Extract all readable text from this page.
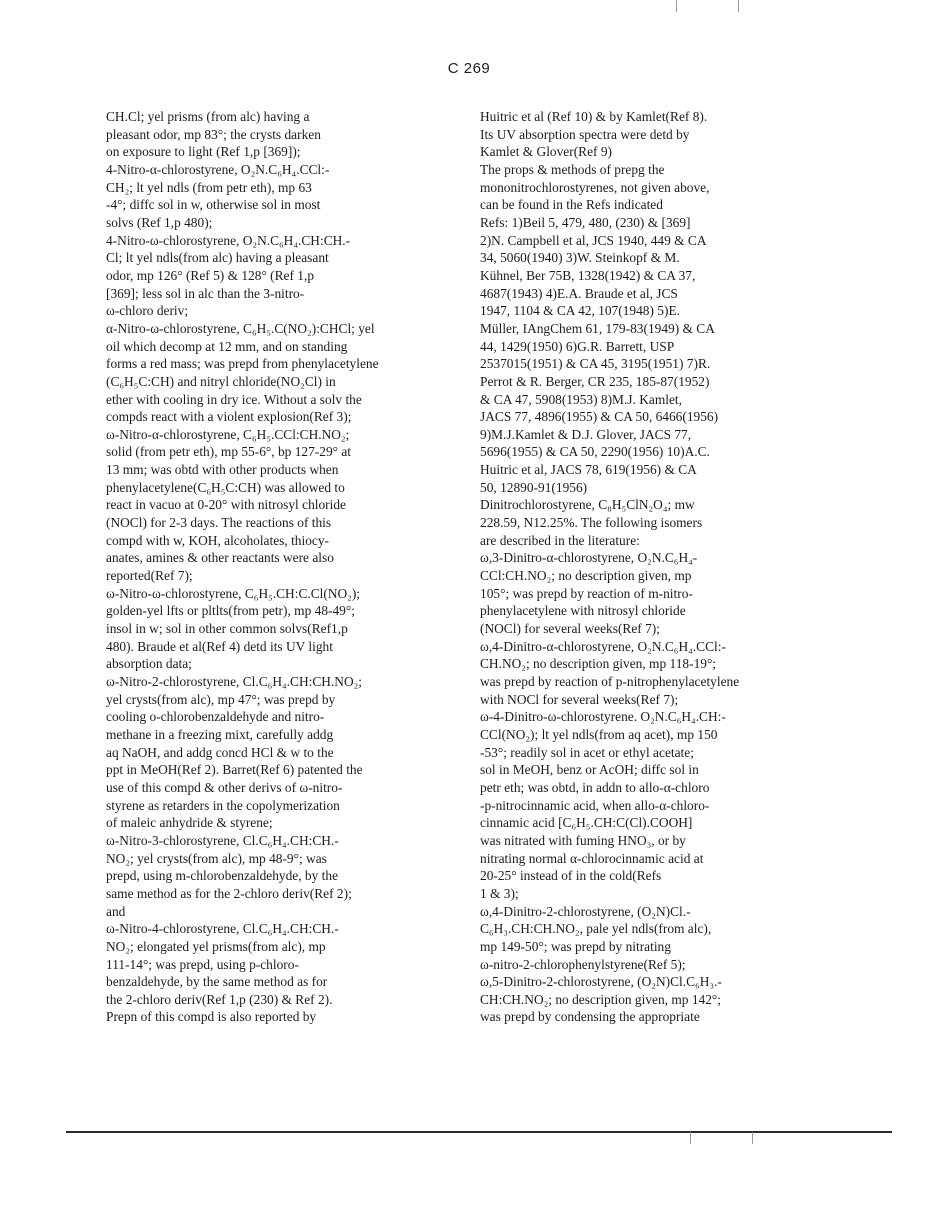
C 269
CH.Cl; yel prisms (from alc) having a
pleasant odor, mp 83°; the crysts darken
on exposure to light (Ref 1,p [369]);
4-Nitro-α-chlorostyrene, O₂N.C₆H₄.CCl:-
CH₂; lt yel ndls (from petr eth), mp 63
-4°; diffc sol in w, otherwise sol in most
solvs (Ref 1,p 480);
4-Nitro-ω-chlorostyrene, O₂N.C₆H₄.CH:CH.-
Cl; lt yel ndls(from alc) having a pleasant
odor, mp 126° (Ref 5) & 128° (Ref 1,p
[369]; less sol in alc than the 3-nitro-
ω-chloro deriv;
α-Nitro-ω-chlorostyrene, C₆H₅.C(NO₂):CHCl; yel
oil which decomp at 12 mm, and on standing
forms a red mass; was prepd from phenylacetylene
(C₆H₅C:CH) and nitryl chloride(NO₂Cl) in
ether with cooling in dry ice. Without a solv the
compds react with a violent explosion(Ref 3);
ω-Nitro-α-chlorostyrene, C₆H₅.CCl:CH.NO₂;
solid (from petr eth), mp 55-6°, bp 127-29° at
13 mm; was obtd with other products when
phenylacetylene(C₆H₅C:CH) was allowed to
react in vacuo at 0-20° with nitrosyl chloride
(NOCl) for 2-3 days. The reactions of this
compd with w, KOH, alcoholates, thiocy-
anates, amines & other reactants were also
reported(Ref 7);
ω-Nitro-ω-chlorostyrene, C₆H₅.CH:C.Cl(NO₂);
golden-yel lfts or pltlts(from petr), mp 48-49°;
insol in w; sol in other common solvs(Ref1,p
480). Braude et al(Ref 4) detd its UV light
absorption data;
ω-Nitro-2-chlorostyrene, Cl.C₆H₄.CH:CH.NO₂;
yel crysts(from alc), mp 47°; was prepd by
cooling o-chlorobenzaldehyde and nitro-
methane in a freezing mixt, carefully addg
aq NaOH, and addg concd HCl & w to the
ppt in MeOH(Ref 2). Barret(Ref 6) patented the
use of this compd & other derivs of ω-nitro-
styrene as retarders in the copolymerization
of maleic anhydride & styrene;
ω-Nitro-3-chlorostyrene, Cl.C₆H₄.CH:CH.-
NO₂; yel crysts(from alc), mp 48-9°; was
prepd, using m-chlorobenzaldehyde, by the
same method as for the 2-chloro deriv(Ref 2);
and
ω-Nitro-4-chlorostyrene, Cl.C₆H₄.CH:CH.-
NO₂; elongated yel prisms(from alc), mp
111-14°; was prepd, using p-chloro-
benzaldehyde, by the same method as for
the 2-chloro deriv(Ref 1,p (230) & Ref 2).
Prepn of this compd is also reported by
Huitric et al (Ref 10) & by Kamlet(Ref 8).
Its UV absorption spectra were detd by
Kamlet & Glover(Ref 9)
The props & methods of prepg the
mononitrochlorostyrenes, not given above,
can be found in the Refs indicated
Refs: 1)Beil 5, 479, 480, (230) & [369]
2)N. Campbell et al, JCS 1940, 449 & CA
34, 5060(1940) 3)W. Steinkopf & M.
Kühnel, Ber 75B, 1328(1942) & CA 37,
4687(1943) 4)E.A. Braude et al, JCS
1947, 1104 & CA 42, 107(1948) 5)E.
Müller, IAngChem 61, 179-83(1949) & CA
44, 1429(1950) 6)G.R. Barrett, USP
2537015(1951) & CA 45, 3195(1951) 7)R.
Perrot & R. Berger, CR 235, 185-87(1952)
& CA 47, 5908(1953) 8)M.J. Kamlet,
JACS 77, 4896(1955) & CA 50, 6466(1956)
9)M.J.Kamlet & D.J. Glover, JACS 77,
5696(1955) & CA 50, 2290(1956) 10)A.C.
Huitric et al, JACS 78, 619(1956) & CA
50, 12890-91(1956)
Dinitrochlorostyrene, C₈H₅ClN₂O₄; mw
228.59, N12.25%. The following isomers
are described in the literature:
ω,3-Dinitro-α-chlorostyrene, O₂N.C₆H₄-
CCl:CH.NO₂; no description given, mp
105°; was prepd by reaction of m-nitro-
phenylacetylene with nitrosyl chloride
(NOCl) for several weeks(Ref 7);
ω,4-Dinitro-α-chlorostyrene, O₂N.C₆H₄.CCl:-
CH.NO₂; no description given, mp 118-19°;
was prepd by reaction of p-nitrophenylacetylene
with NOCl for several weeks(Ref 7);
ω-4-Dinitro-ω-chlorostyrene. O₂N.C₆H₄.CH:-
CCl(NO₂); lt yel ndls(from aq acet), mp 150
-53°; readily sol in acet or ethyl acetate;
sol in MeOH, benz or AcOH; diffc sol in
petr eth; was obtd, in addn to allo-α-chloro
-p-nitrocinnamic acid, when allo-α-chloro-
cinnamic acid [C₆H₅.CH:C(Cl).COOH]
was nitrated with fuming HNO₃, or by
nitrating normal α-chlorocinnamic acid at
20-25° instead of in the cold(Refs
1 & 3);
ω,4-Dinitro-2-chlorostyrene, (O₂N)Cl.-
C₆H₃.CH:CH.NO₂, pale yel ndls(from alc),
mp 149-50°; was prepd by nitrating
ω-nitro-2-chlorophenylstyrene(Ref 5);
ω,5-Dinitro-2-chlorostyrene, (O₂N)Cl.C₆H₃.-
CH:CH.NO₂; no description given, mp 142°;
was prepd by condensing the appropriate
